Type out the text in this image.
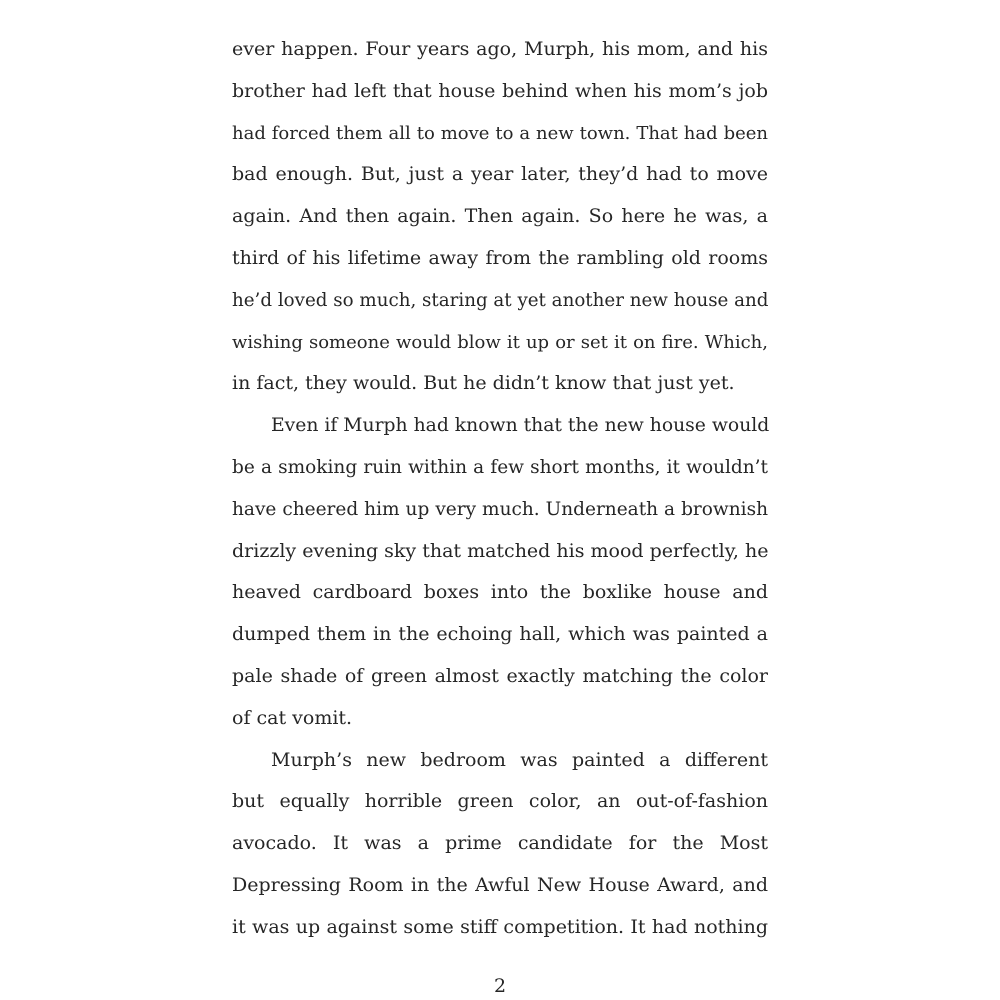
ever happen. Four years ago, Murph, his mom, and his
brother had left that house behind when his mom’s job
had forced them all to move to a new town. That had been
bad enough. But, just a year later, they’d had to move
again. And then again. Then again. So here he was, a
third of his lifetime away from the rambling old rooms
he’d loved so much, staring at yet another new house and
wishing someone would blow it up or set it on fire. Which,
in fact, they would. But he didn’t know that just yet.
Even if Murph had known that the new house would
be a smoking ruin within a few short months, it wouldn’t
have cheered him up very much. Underneath a brownish
drizzly evening sky that matched his mood perfectly, he
heaved cardboard boxes into the boxlike house and
dumped them in the echoing hall, which was painted a
pale shade of green almost exactly matching the color
of cat vomit.
Murph’s new bedroom was painted a different
but equally horrible green color, an out-of-fashion
avocado. It was a prime candidate for the Most
Depressing Room in the Awful New House Award, and
it was up against some stiff competition. It had nothing
2
